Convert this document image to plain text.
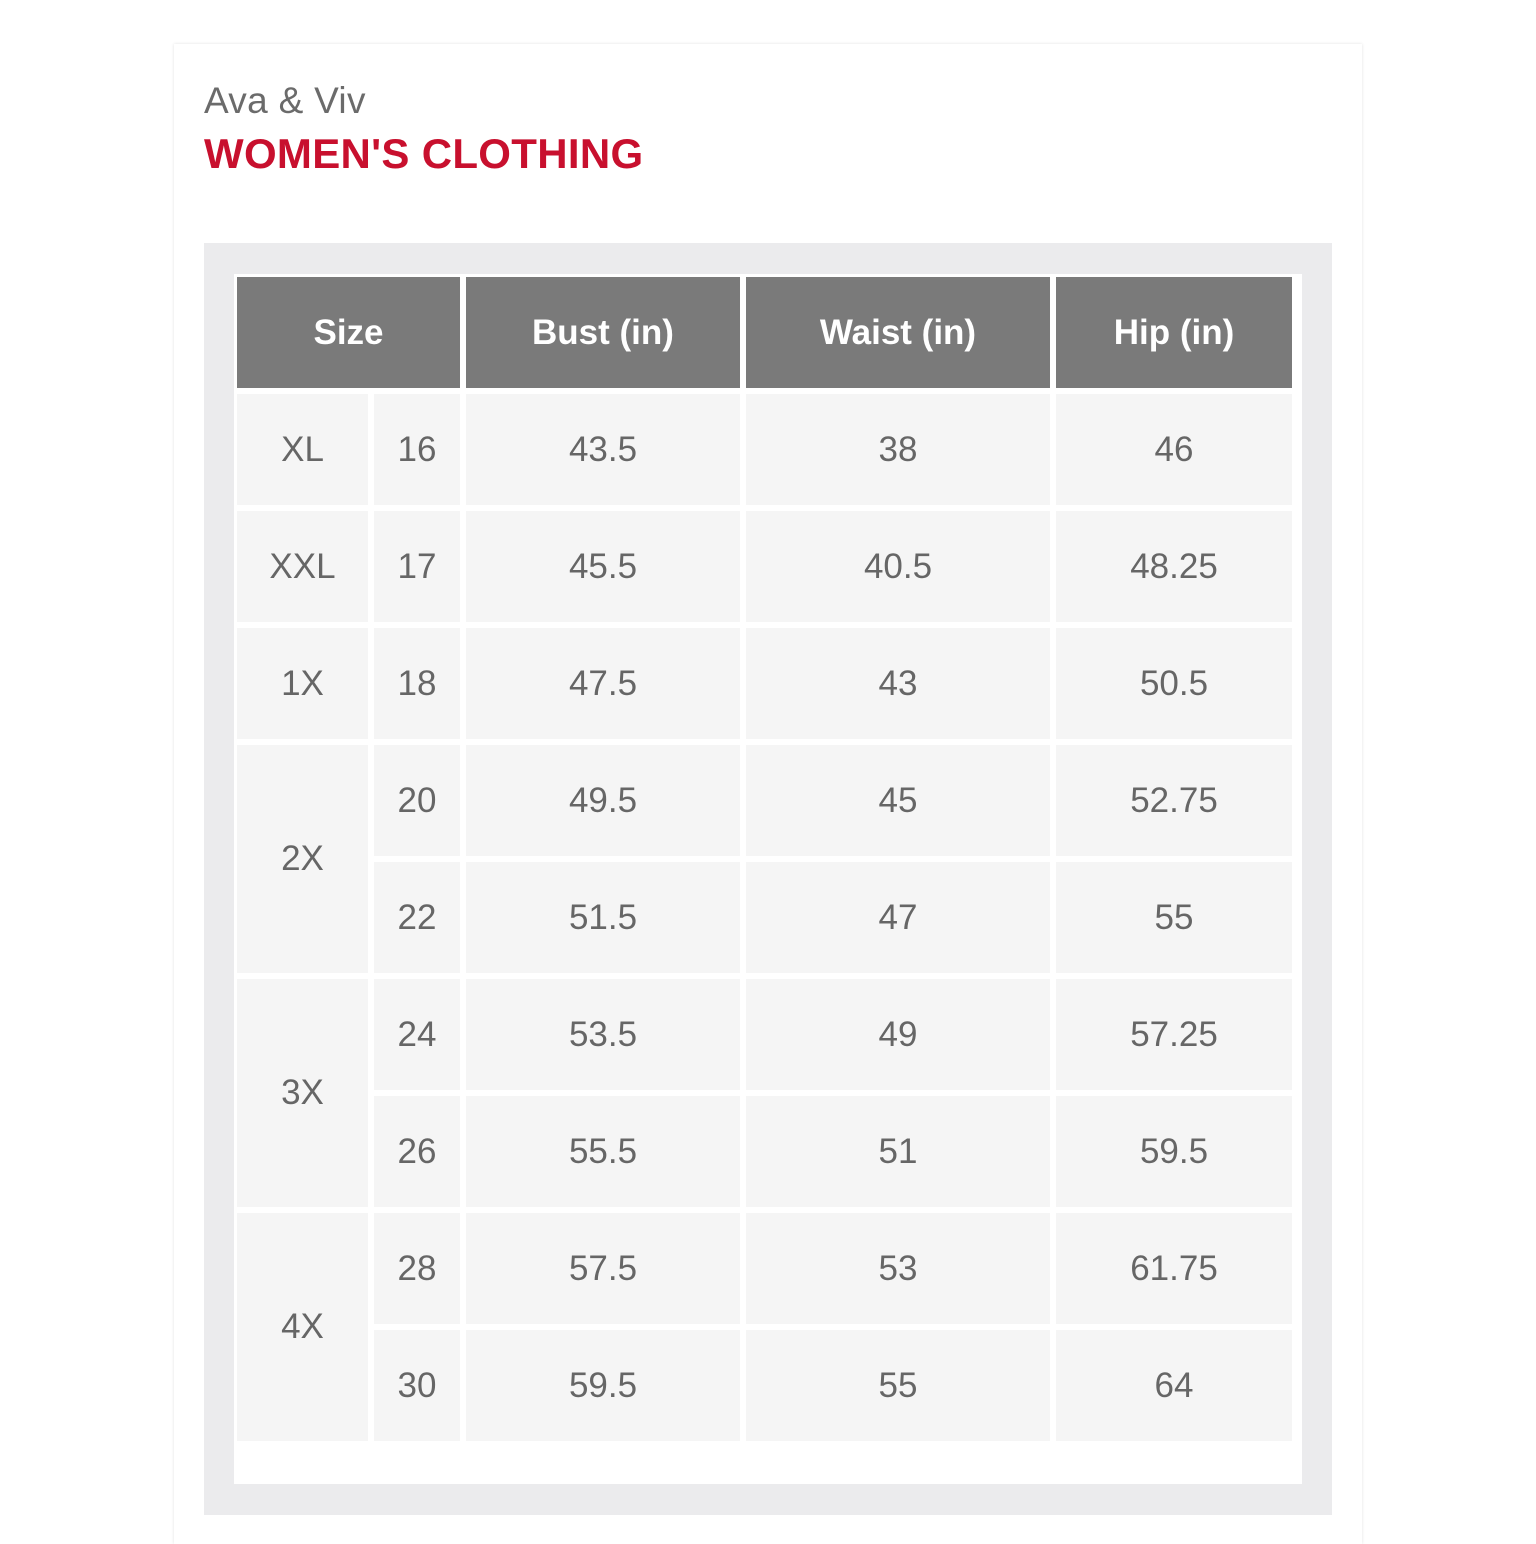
Ava & Viv
WOMEN'S CLOTHING
Size		Bust (in)	Waist (in)	Hip (in)
XL	16	43.5	38	46
XXL	17	45.5	40.5	48.25
1X	18	47.5	43	50.5
2X	20	49.5	45	52.75
	22	51.5	47	55
3X	24	53.5	49	57.25
	26	55.5	51	59.5
4X	28	57.5	53	61.75
	30	59.5	55	64
